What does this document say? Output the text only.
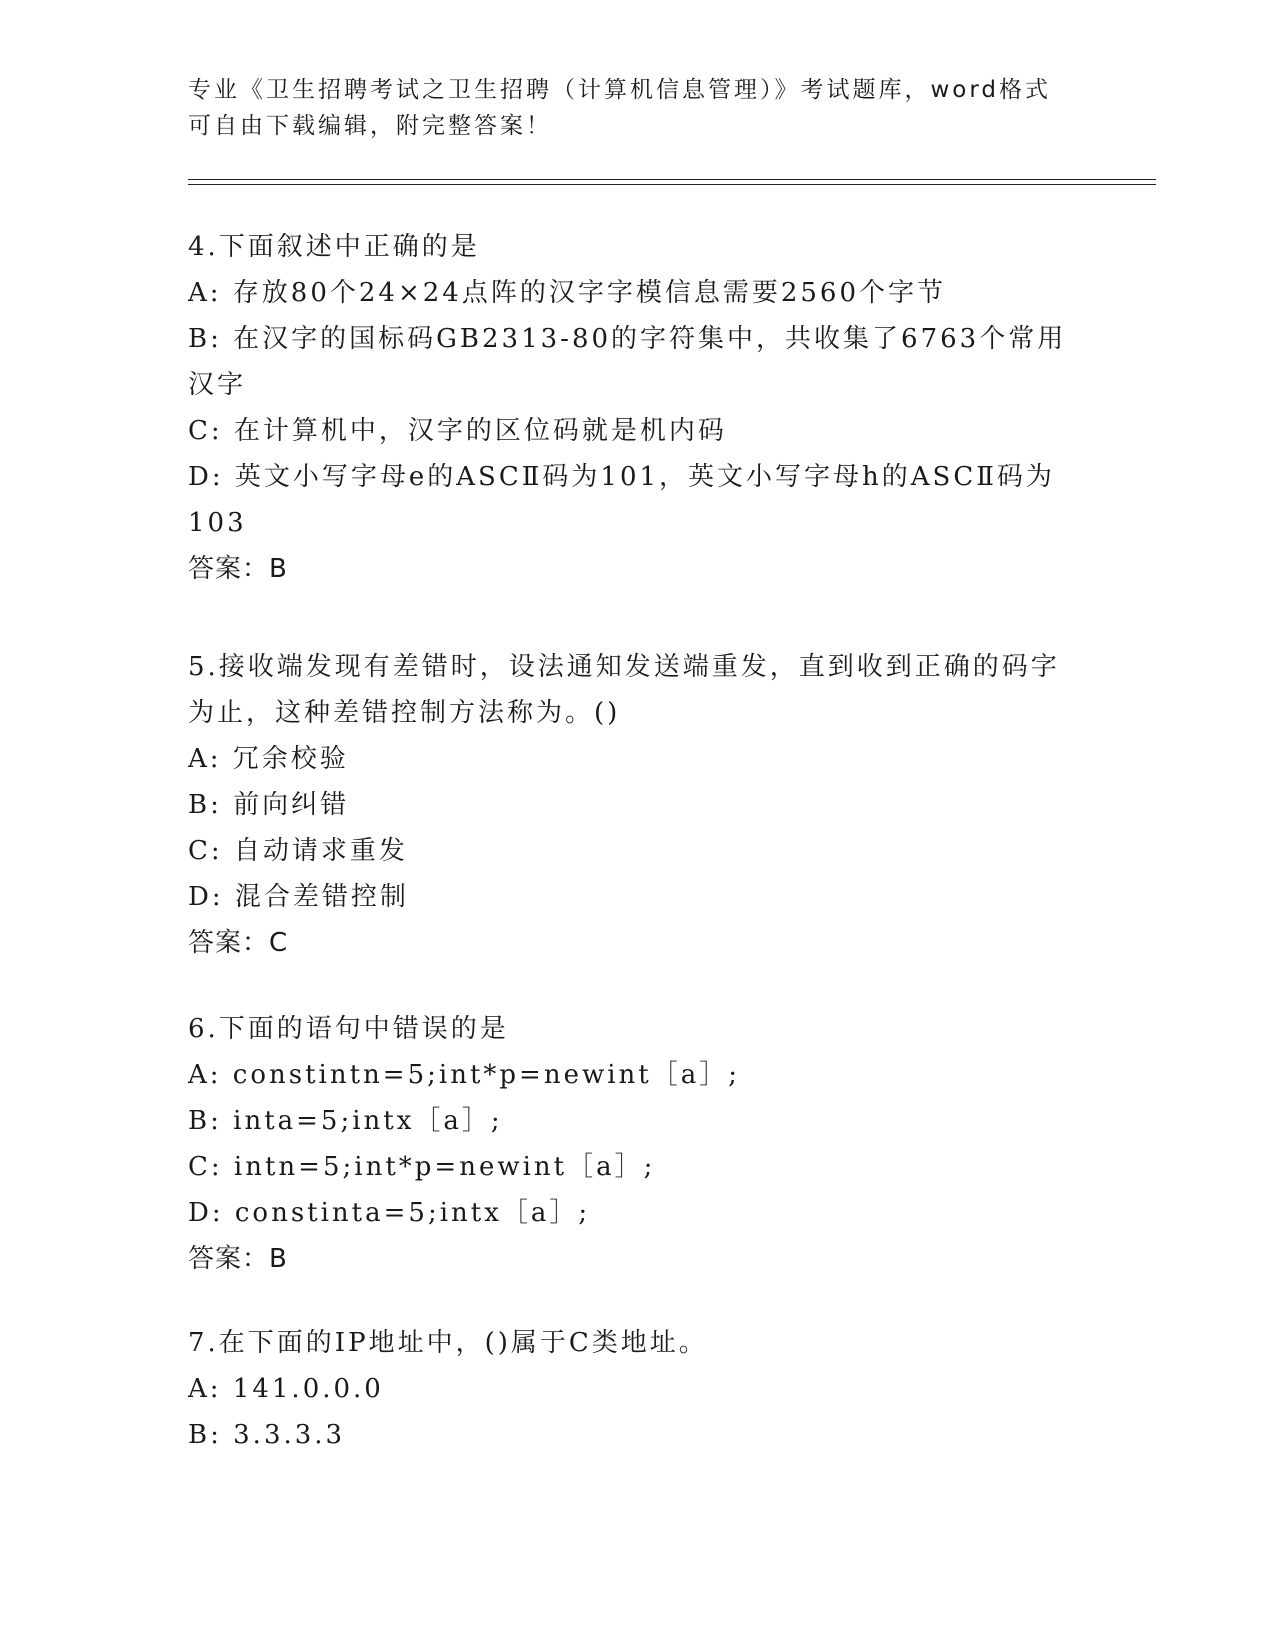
专业《卫生招聘考试之卫生招聘（计算机信息管理）》考试题库，word格式可自由下载编辑，附完整答案！
4.下面叙述中正确的是
A: 存放80个24×24点阵的汉字字模信息需要2560个字节
B: 在汉字的国标码GB2313-80的字符集中，共收集了6763个常用汉字
C: 在计算机中，汉字的区位码就是机内码
D: 英文小写字母e的ASCⅡ码为101，英文小写字母h的ASCⅡ码为103
答案：B
5.接收端发现有差错时，设法通知发送端重发，直到收到正确的码字为止，这种差错控制方法称为。()
A: 冗余校验
B: 前向纠错
C: 自动请求重发
D: 混合差错控制
答案：C
6.下面的语句中错误的是
A: constintn=5;int*p=newint［a］;
B: inta=5;intx［a］;
C: intn=5;int*p=newint［a］;
D: constinta=5;intx［a］;
答案：B
7.在下面的IP地址中，()属于C类地址。
A: 141.0.0.0
B: 3.3.3.3
